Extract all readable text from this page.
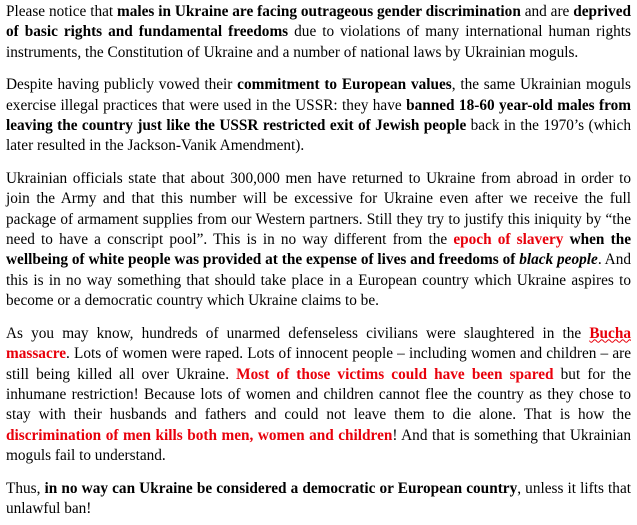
Please notice that males in Ukraine are facing outrageous gender discrimination and are deprived of basic rights and fundamental freedoms due to violations of many international human rights instruments, the Constitution of Ukraine and a number of national laws by Ukrainian moguls.

Despite having publicly vowed their commitment to European values, the same Ukrainian moguls exercise illegal practices that were used in the USSR: they have banned 18-60 year-old males from leaving the country just like the USSR restricted exit of Jewish people back in the 1970’s (which later resulted in the Jackson-Vanik Amendment).

Ukrainian officials state that about 300,000 men have returned to Ukraine from abroad in order to join the Army and that this number will be excessive for Ukraine even after we receive the full package of armament supplies from our Western partners. Still they try to justify this iniquity by “the need to have a conscript pool”. This is in no way different from the epoch of slavery when the wellbeing of white people was provided at the expense of lives and freedoms of black people. And this is in no way something that should take place in a European country which Ukraine aspires to become or a democratic country which Ukraine claims to be.

As you may know, hundreds of unarmed defenseless civilians were slaughtered in the Bucha massacre. Lots of women were raped. Lots of innocent people – including women and children – are still being killed all over Ukraine. Most of those victims could have been spared but for the inhumane restriction! Because lots of women and children cannot flee the country as they chose to stay with their husbands and fathers and could not leave them to die alone. That is how the discrimination of men kills both men, women and children! And that is something that Ukrainian moguls fail to understand.

Thus, in no way can Ukraine be considered a democratic or European country, unless it lifts that unlawful ban!
